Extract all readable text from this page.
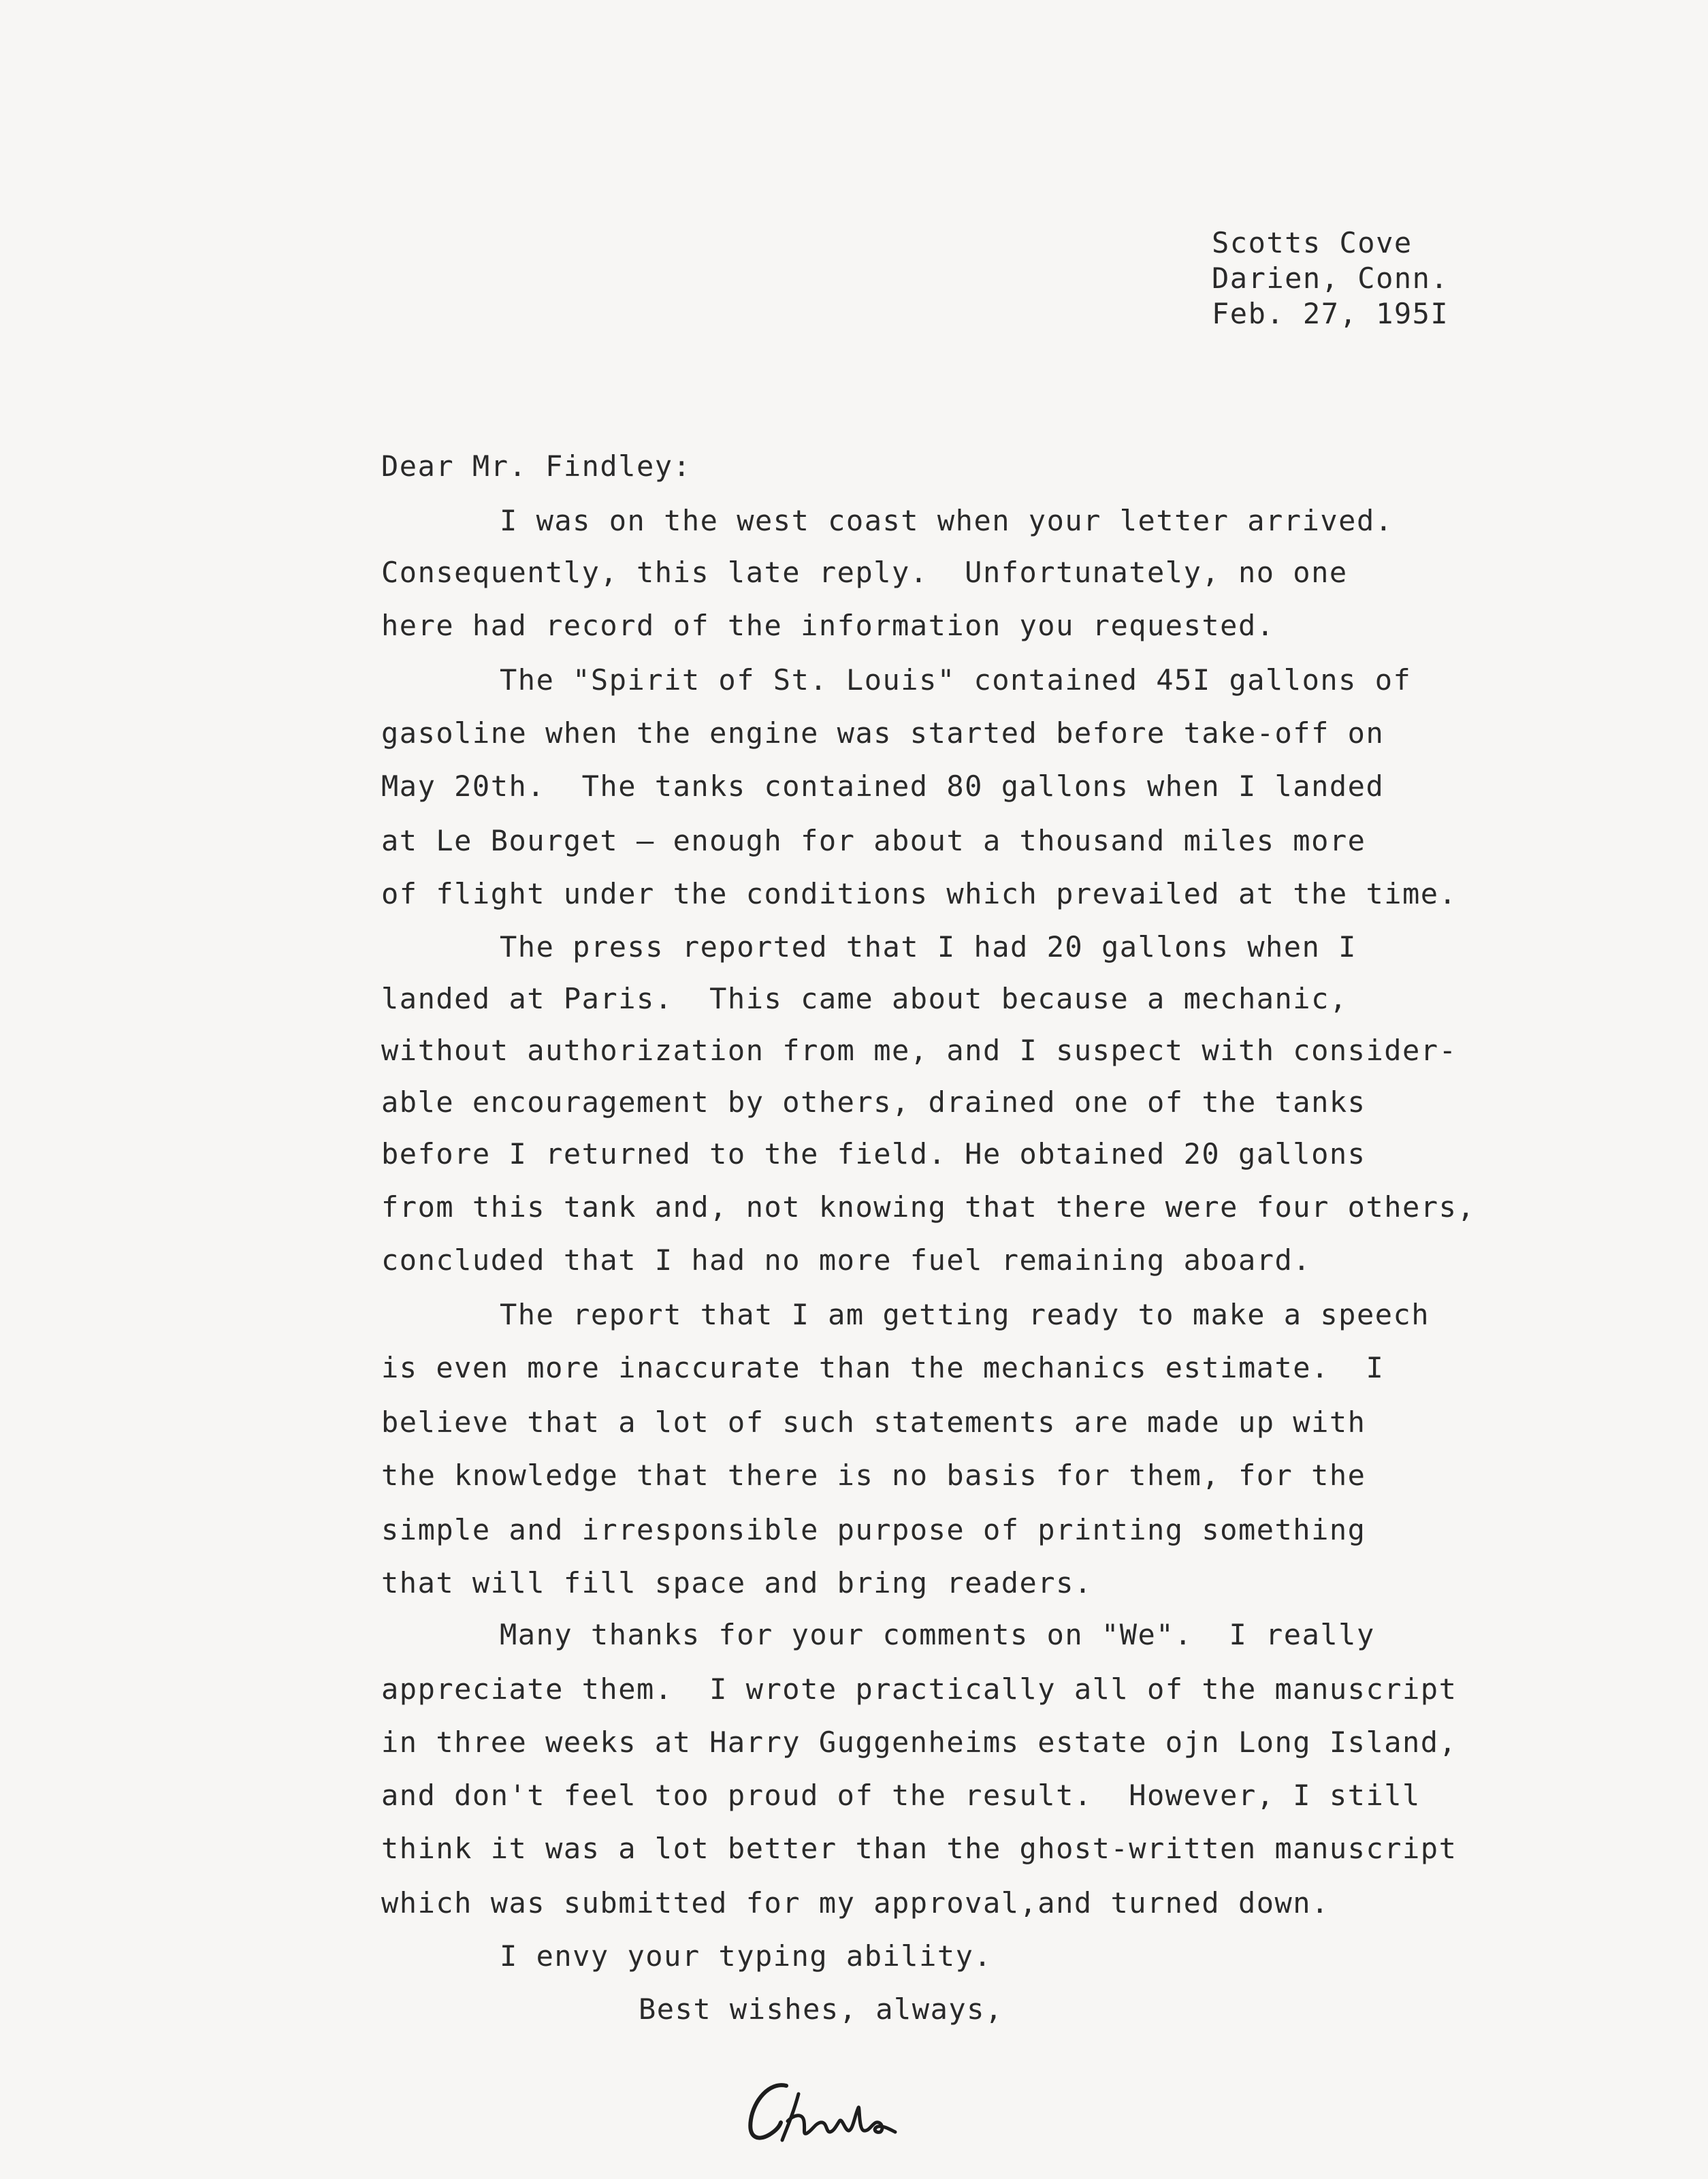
Scotts Cove
Darien, Conn.
Feb. 27, 195I
Dear Mr. Findley:
I was on the west coast when your letter arrived.
Consequently, this late reply.  Unfortunately, no one
here had record of the information you requested.
The "Spirit of St. Louis" contained 45I gallons of
gasoline when the engine was started before take-off on
May 20th.  The tanks contained 80 gallons when I landed
at Le Bourget — enough for about a thousand miles more
of flight under the conditions which prevailed at the time.
The press reported that I had 20 gallons when I
landed at Paris.  This came about because a mechanic,
without authorization from me, and I suspect with consider-
able encouragement by others, drained one of the tanks
before I returned to the field. He obtained 20 gallons
from this tank and, not knowing that there were four others,
concluded that I had no more fuel remaining aboard.
The report that I am getting ready to make a speech
is even more inaccurate than the mechanics estimate.  I
believe that a lot of such statements are made up with
the knowledge that there is no basis for them, for the
simple and irresponsible purpose of printing something
that will fill space and bring readers.
Many thanks for your comments on "We".  I really
appreciate them.  I wrote practically all of the manuscript
in three weeks at Harry Guggenheims estate ojn Long Island,
and don't feel too proud of the result.  However, I still
think it was a lot better than the ghost-written manuscript
which was submitted for my approval,and turned down.
I envy your typing ability.
Best wishes, always,
